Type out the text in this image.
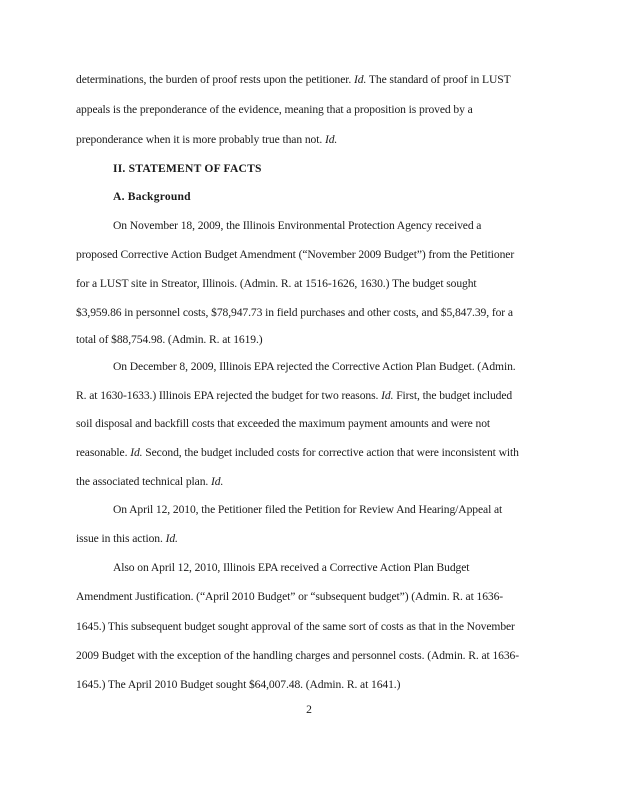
determinations, the burden of proof rests upon the petitioner. Id. The standard of proof in LUST
appeals is the preponderance of the evidence, meaning that a proposition is proved by a
preponderance when it is more probably true than not. Id.
II. STATEMENT OF FACTS
A. Background
On November 18, 2009, the Illinois Environmental Protection Agency received a
proposed Corrective Action Budget Amendment (“November 2009 Budget”) from the Petitioner
for a LUST site in Streator, Illinois. (Admin. R. at 1516-1626, 1630.) The budget sought
$3,959.86 in personnel costs, $78,947.73 in field purchases and other costs, and $5,847.39, for a
total of $88,754.98. (Admin. R. at 1619.)
On December 8, 2009, Illinois EPA rejected the Corrective Action Plan Budget. (Admin.
R. at 1630-1633.) Illinois EPA rejected the budget for two reasons. Id. First, the budget included
soil disposal and backfill costs that exceeded the maximum payment amounts and were not
reasonable. Id. Second, the budget included costs for corrective action that were inconsistent with
the associated technical plan. Id.
On April 12, 2010, the Petitioner filed the Petition for Review And Hearing/Appeal at
issue in this action. Id.
Also on April 12, 2010, Illinois EPA received a Corrective Action Plan Budget
Amendment Justification. (“April 2010 Budget” or “subsequent budget”) (Admin. R. at 1636-
1645.) This subsequent budget sought approval of the same sort of costs as that in the November
2009 Budget with the exception of the handling charges and personnel costs. (Admin. R. at 1636-
1645.) The April 2010 Budget sought $64,007.48. (Admin. R. at 1641.)
2
